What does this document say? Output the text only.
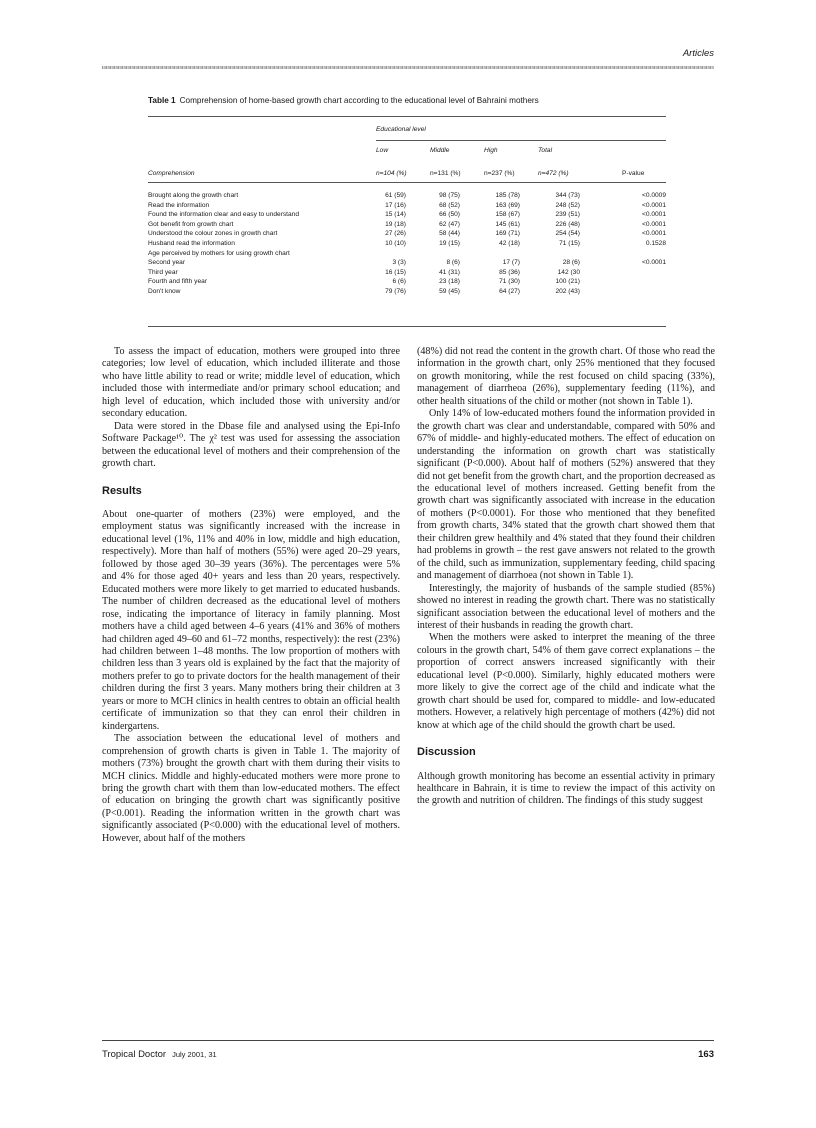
Articles
Table 1 Comprehension of home-based growth chart according to the educational level of Bahraini mothers
Educational level
Low	Middle	High	Total
Comprehension	n=104 (%)	n=131 (%)	n=237 (%)	n=472 (%)	P-value
Brought along the growth chart	61 (59)	98 (75)	185 (78)	344 (73)	<0.0009
Read the information	17 (16)	68 (52)	163 (69)	248 (52)	<0.0001
Found the information clear and easy to understand	15 (14)	66 (50)	158 (67)	239 (51)	<0.0001
Got benefit from growth chart	19 (18)	62 (47)	145 (61)	226 (48)	<0.0001
Understood the colour zones in growth chart	27 (26)	58 (44)	169 (71)	254 (54)	<0.0001
Husband read the information	10 (10)	19 (15)	42 (18)	71 (15)	0.1528
Age perceived by mothers for using growth chart
Second year	3 (3)	8 (6)	17 (7)	28 (6)	<0.0001
Third year	16 (15)	41 (31)	85 (36)	142 (30
Fourth and fifth year	6 (6)	23 (18)	71 (30)	100 (21)
Don't know	79 (76)	59 (45)	64 (27)	202 (43)

To assess the impact of education, mothers were grouped into three categories; low level of education, which included illiterate and those who have little ability to read or write; middle level of education, which included those with intermediate and/or primary school education; and high level of education, which included those with university and/or secondary education.

Data were stored in the Dbase file and analysed using the Epi-Info Software Package¹⁰. The χ² test was used for assessing the association between the educational level of mothers and their comprehension of the growth chart.

Results

About one-quarter of mothers (23%) were employed, and the employment status was significantly increased with the increase in educational level (1%, 11% and 40% in low, middle and high education, respectively). More than half of mothers (55%) were aged 20–29 years, followed by those aged 30–39 years (36%). The percentages were 5% and 4% for those aged 40+ years and less than 20 years, respectively. Educated mothers were more likely to get married to educated husbands. The number of children decreased as the educational level of mothers rose, indicating the importance of literacy in family planning. Most mothers have a child aged between 4–6 years (41% and 36% of mothers had children aged 49–60 and 61–72 months, respectively): the rest (23%) had children between 1–48 months. The low proportion of mothers with children less than 3 years old is explained by the fact that the majority of mothers prefer to go to private doctors for the health management of their children during the first 3 years. Many mothers bring their children at 3 years or more to MCH clinics in health centres to obtain an official health certificate of immunization so that they can enrol their children in kindergartens.

The association between the educational level of mothers and comprehension of growth charts is given in Table 1. The majority of mothers (73%) brought the growth chart with them during their visits to MCH clinics. Middle and highly-educated mothers were more prone to bring the growth chart with them than low-educated mothers. The effect of education on bringing the growth chart was significantly positive (P<0.001). Reading the information written in the growth chart was significantly associated (P<0.000) with the educational level of mothers. However, about half of the mothers

(48%) did not read the content in the growth chart. Of those who read the information in the growth chart, only 25% mentioned that they focused on growth monitoring, while the rest focused on child spacing (33%), management of diarrheoa (26%), supplementary feeding (11%), and other health situations of the child or mother (not shown in Table 1).

Only 14% of low-educated mothers found the information provided in the growth chart was clear and understandable, compared with 50% and 67% of middle- and highly-educated mothers. The effect of education on understanding the information on growth chart was statistically significant (P<0.000). About half of mothers (52%) answered that they did not get benefit from the growth chart, and the proportion decreased as the educational level of mothers increased. Getting benefit from the growth chart was significantly associated with increase in the education of mothers (P<0.0001). For those who mentioned that they benefited from growth charts, 34% stated that the growth chart showed them that their children grew healthily and 4% stated that they found their children had problems in growth – the rest gave answers not related to the growth of the child, such as immunization, supplementary feeding, child spacing and management of diarrhoea (not shown in Table 1).

Interestingly, the majority of husbands of the sample studied (85%) showed no interest in reading the growth chart. There was no statistically significant association between the educational level of mothers and the interest of their husbands in reading the growth chart.

When the mothers were asked to interpret the meaning of the three colours in the growth chart, 54% of them gave correct explanations – the proportion of correct answers increased significantly with their educational level (P<0.000). Similarly, highly educated mothers were more likely to give the correct age of the child and indicate what the growth chart should be used for, compared to middle- and low-educated mothers. However, a relatively high percentage of mothers (42%) did not know at which age of the child should the growth chart be used.

Discussion

Although growth monitoring has become an essential activity in primary healthcare in Bahrain, it is time to review the impact of this activity on the growth and nutrition of children. The findings of this study suggest

Tropical Doctor July 2001, 31	163
